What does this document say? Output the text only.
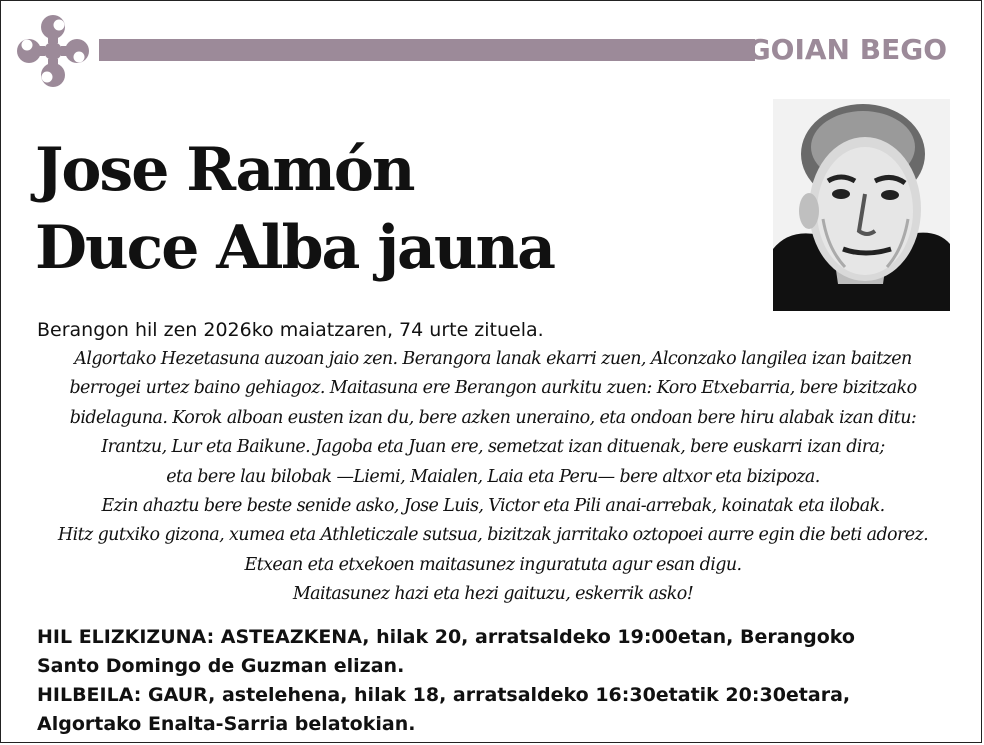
GOIAN BEGO
Jose Ramón
Duce Alba jauna
Berangon hil zen 2026ko maiatzaren, 74 urte zituela.
Algortako Hezetasuna auzoan jaio zen. Berangora lanak ekarri zuen, Alconzako langilea izan baitzen
berrogei urtez baino gehiagoz. Maitasuna ere Berangon aurkitu zuen: Koro Etxebarria, bere bizitzako
bidelaguna. Korok alboan eusten izan du, bere azken uneraino, eta ondoan bere hiru alabak izan ditu:
Irantzu, Lur eta Baikune. Jagoba eta Juan ere, semetzat izan dituenak, bere euskarri izan dira;
eta bere lau bilobak —Liemi, Maialen, Laia eta Peru— bere altxor eta bizipoza.
Ezin ahaztu bere beste senide asko, Jose Luis, Victor eta Pili anai-arrebak, koinatak eta ilobak.
Hitz gutxiko gizona, xumea eta Athleticzale sutsua, bizitzak jarritako oztopoei aurre egin die beti adorez.
Etxean eta etxekoen maitasunez inguratuta agur esan digu.
Maitasunez hazi eta hezi gaituzu, eskerrik asko!
HIL ELIZKIZUNA: ASTEAZKENA, hilak 20, arratsaldeko 19:00etan, Berangoko
Santo Domingo de Guzman elizan.
HILBEILA: GAUR, astelehena, hilak 18, arratsaldeko 16:30etatik 20:30etara,
Algortako Enalta-Sarria belatokian.
